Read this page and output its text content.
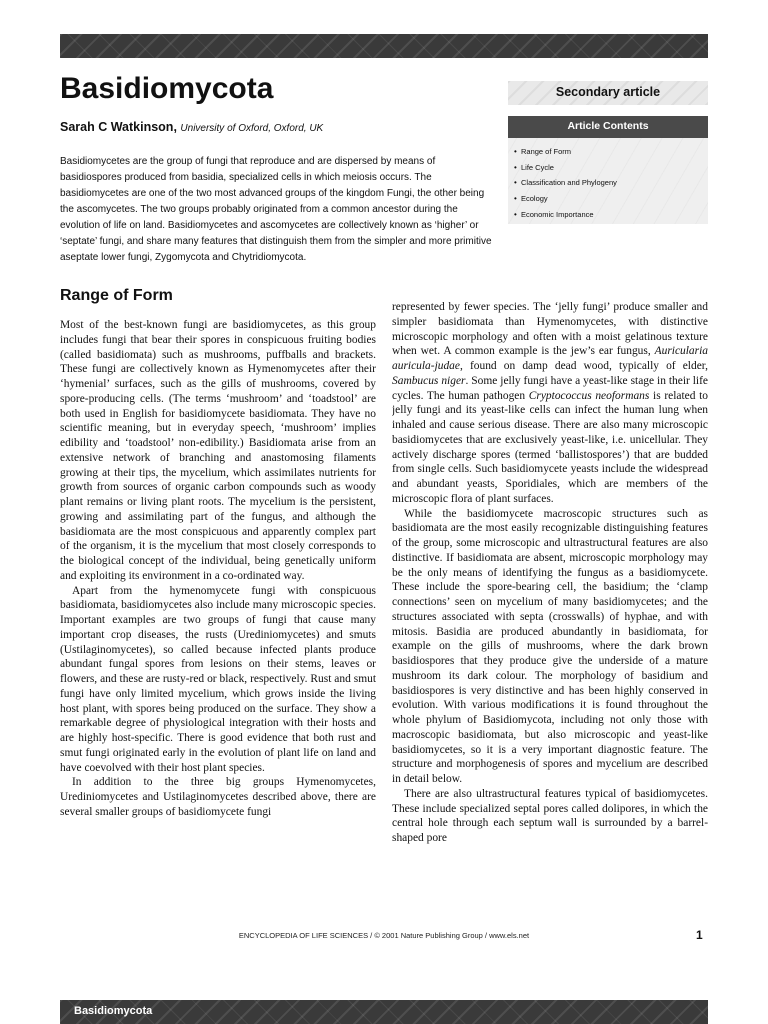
Basidiomycota
Sarah C Watkinson, University of Oxford, Oxford, UK

Basidiomycetes are the group of fungi that reproduce and are dispersed by means of basidiospores produced from basidia, specialized cells in which meiosis occurs. The basidiomycetes are one of the two most advanced groups of the kingdom Fungi, the other being the ascomycetes. The two groups probably originated from a common ancestor during the evolution of life on land. Basidiomycetes and ascomycetes are collectively known as ‘higher’ or ‘septate’ fungi, and share many features that distinguish them from the simpler and more primitive aseptate lower fungi, Zygomycota and Chytridiomycota.

Secondary article
Article Contents
• Range of Form
• Life Cycle
• Classification and Phylogeny
• Ecology
• Economic Importance
Range of Form

Most of the best-known fungi are basidiomycetes, as this group includes fungi that bear their spores in conspicuous fruiting bodies (called basidiomata) such as mushrooms, puffballs and brackets. These fungi are collectively known as Hymenomycetes after their ‘hymenial’ surfaces, such as the gills of mushrooms, covered by spore-producing cells. (The terms ‘mushroom’ and ‘toadstool’ are both used in English for basidiomycete basidiomata. They have no scientific meaning, but in everyday speech, ‘mushroom’ implies edibility and ‘toadstool’ non-edibility.) Basidiomata arise from an extensive network of branching and anastomosing filaments growing at their tips, the mycelium, which assimilates nutrients for growth from sources of organic carbon compounds such as woody plant remains or living plant roots. The mycelium is the persistent, growing and assimilating part of the fungus, and although the basidiomata are the most conspicuous and apparently complex part of the organism, it is the mycelium that most closely corresponds to the biological concept of the individual, being genetically uniform and exploiting its environment in a co-ordinated way.

Apart from the hymenomycete fungi with conspicuous basidiomata, basidiomycetes also include many microscopic species. Important examples are two groups of fungi that cause many important crop diseases, the rusts (Urediniomycetes) and smuts (Ustilaginomycetes), so called because infected plants produce abundant fungal spores from lesions on their stems, leaves or flowers, and these are rusty-red or black, respectively. Rust and smut fungi have only limited mycelium, which grows inside the living host plant, with spores being produced on the surface. They show a remarkable degree of physiological integration with their hosts and are highly host-specific. There is good evidence that both rust and smut fungi originated early in the evolution of plant life on land and have coevolved with their host plant species.

In addition to the three big groups Hymenomycetes, Urediniomycetes and Ustilaginomycetes described above, there are several smaller groups of basidiomycete fungi

represented by fewer species. The ‘jelly fungi’ produce smaller and simpler basidiomata than Hymenomycetes, with distinctive microscopic morphology and often with a moist gelatinous texture when wet. A common example is the jew’s ear fungus, Auricularia auricula-judae, found on damp dead wood, typically of elder, Sambucus niger. Some jelly fungi have a yeast-like stage in their life cycles. The human pathogen Cryptococcus neoformans is related to jelly fungi and its yeast-like cells can infect the human lung when inhaled and cause serious disease. There are also many microscopic basidiomycetes that are exclusively yeast-like, i.e. unicellular. They actively discharge spores (termed ‘ballistospores’) that are budded from single cells. Such basidiomycete yeasts include the widespread and abundant yeasts, Sporidiales, which are members of the microscopic flora of plant surfaces.

While the basidiomycete macroscopic structures such as basidiomata are the most easily recognizable distinguishing features of the group, some microscopic and ultrastructural features are also distinctive. If basidiomata are absent, microscopic morphology may be the only means of identifying the fungus as a basidiomycete. These include the spore-bearing cell, the basidium; the ‘clamp connections’ seen on mycelium of many basidiomycetes; and the structures associated with septa (crosswalls) of hyphae, and with mitosis. Basidia are produced abundantly in basidiomata, for example on the gills of mushrooms, where the dark brown basidiospores that they produce give the underside of a mature mushroom its dark colour. The morphology of basidium and basidiospores is very distinctive and has been highly conserved in evolution. With various modifications it is found throughout the whole phylum of Basidiomycota, including not only those with macroscopic basidiomata, but also microscopic and yeast-like basidiomycetes, so it is a very important diagnostic feature. The structure and morphogenesis of spores and mycelium are described in detail below.

There are also ultrastructural features typical of basidiomycetes. These include specialized septal pores called dolipores, in which the central hole through each septum wall is surrounded by a barrel-shaped pore

ENCYCLOPEDIA OF LIFE SCIENCES / © 2001 Nature Publishing Group / www.els.net	1
Basidiomycota
